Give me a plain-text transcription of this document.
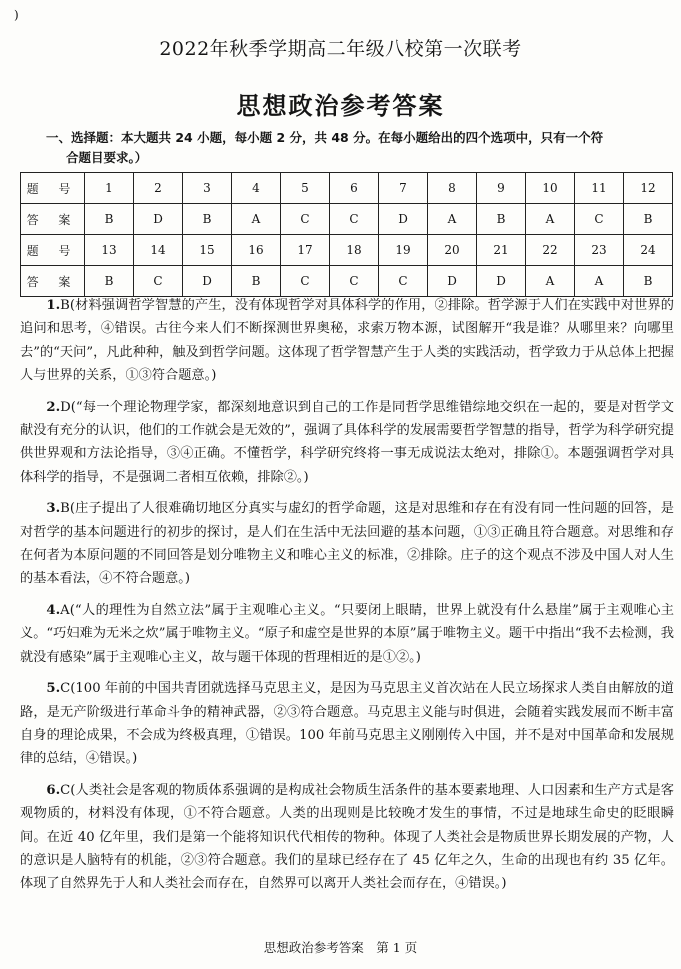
)
2022年秋季学期高二年级八校第一次联考
思想政治参考答案
一、选择题：本大题共 24 小题，每小题 2 分，共 48 分。在每小题给出的四个选项中，只有一个符
合题目要求。）
题 号	1	2	3	4	5	6	7	8	9	10	11	12
答 案	B	D	B	A	C	C	D	A	B	A	C	B
题 号	13	14	15	16	17	18	19	20	21	22	23	24
答 案	B	C	D	B	C	C	C	D	D	A	A	B

1.B(材料强调哲学智慧的产生，没有体现哲学对具体科学的作用，②排除。哲学源于人们在实践中对世界的追问和思考，④错误。古往今来人们不断探测世界奥秘，求索万物本源，试图解开“我是谁？从哪里来？向哪里去”的“天问”，凡此种种，触及到哲学问题。这体现了哲学智慧产生于人类的实践活动，哲学致力于从总体上把握人与世界的关系，①③符合题意。)

2.D(“每一个理论物理学家，都深刻地意识到自己的工作是同哲学思维错综地交织在一起的，要是对哲学文献没有充分的认识，他们的工作就会是无效的”，强调了具体科学的发展需要哲学智慧的指导，哲学为科学研究提供世界观和方法论指导，③④正确。不懂哲学，科学研究终将一事无成说法太绝对，排除①。本题强调哲学对具体科学的指导，不是强调二者相互依赖，排除②。)

3.B(庄子提出了人很难确切地区分真实与虚幻的哲学命题，这是对思维和存在有没有同一性问题的回答，是对哲学的基本问题进行的初步的探讨，是人们在生活中无法回避的基本问题，①③正确且符合题意。对思维和存在何者为本原问题的不同回答是划分唯物主义和唯心主义的标准，②排除。庄子的这个观点不涉及中国人对人生的基本看法，④不符合题意。)

4.A(“人的理性为自然立法”属于主观唯心主义。“只要闭上眼睛，世界上就没有什么悬崖”属于主观唯心主义。“巧妇难为无米之炊”属于唯物主义。“原子和虚空是世界的本原”属于唯物主义。题干中指出“我不去检测，我就没有感染”属于主观唯心主义，故与题干体现的哲理相近的是①②。)

5.C(100 年前的中国共青团就选择马克思主义，是因为马克思主义首次站在人民立场探求人类自由解放的道路，是无产阶级进行革命斗争的精神武器，②③符合题意。马克思主义能与时俱进，会随着实践发展而不断丰富自身的理论成果，不会成为终极真理，①错误。100 年前马克思主义刚刚传入中国，并不是对中国革命和发展规律的总结，④错误。)

6.C(人类社会是客观的物质体系强调的是构成社会物质生活条件的基本要素地理、人口因素和生产方式是客观物质的，材料没有体现，①不符合题意。人类的出现则是比较晚才发生的事情，不过是地球生命史的眨眼瞬间。在近 40 亿年里，我们是第一个能将知识代代相传的物种。体现了人类社会是物质世界长期发展的产物，人的意识是人脑特有的机能，②③符合题意。我们的星球已经存在了 45 亿年之久，生命的出现也有约 35 亿年。体现了自然界先于人和人类社会而存在，自然界可以离开人类社会而存在，④错误。)

思想政治参考答案　第 1 页
